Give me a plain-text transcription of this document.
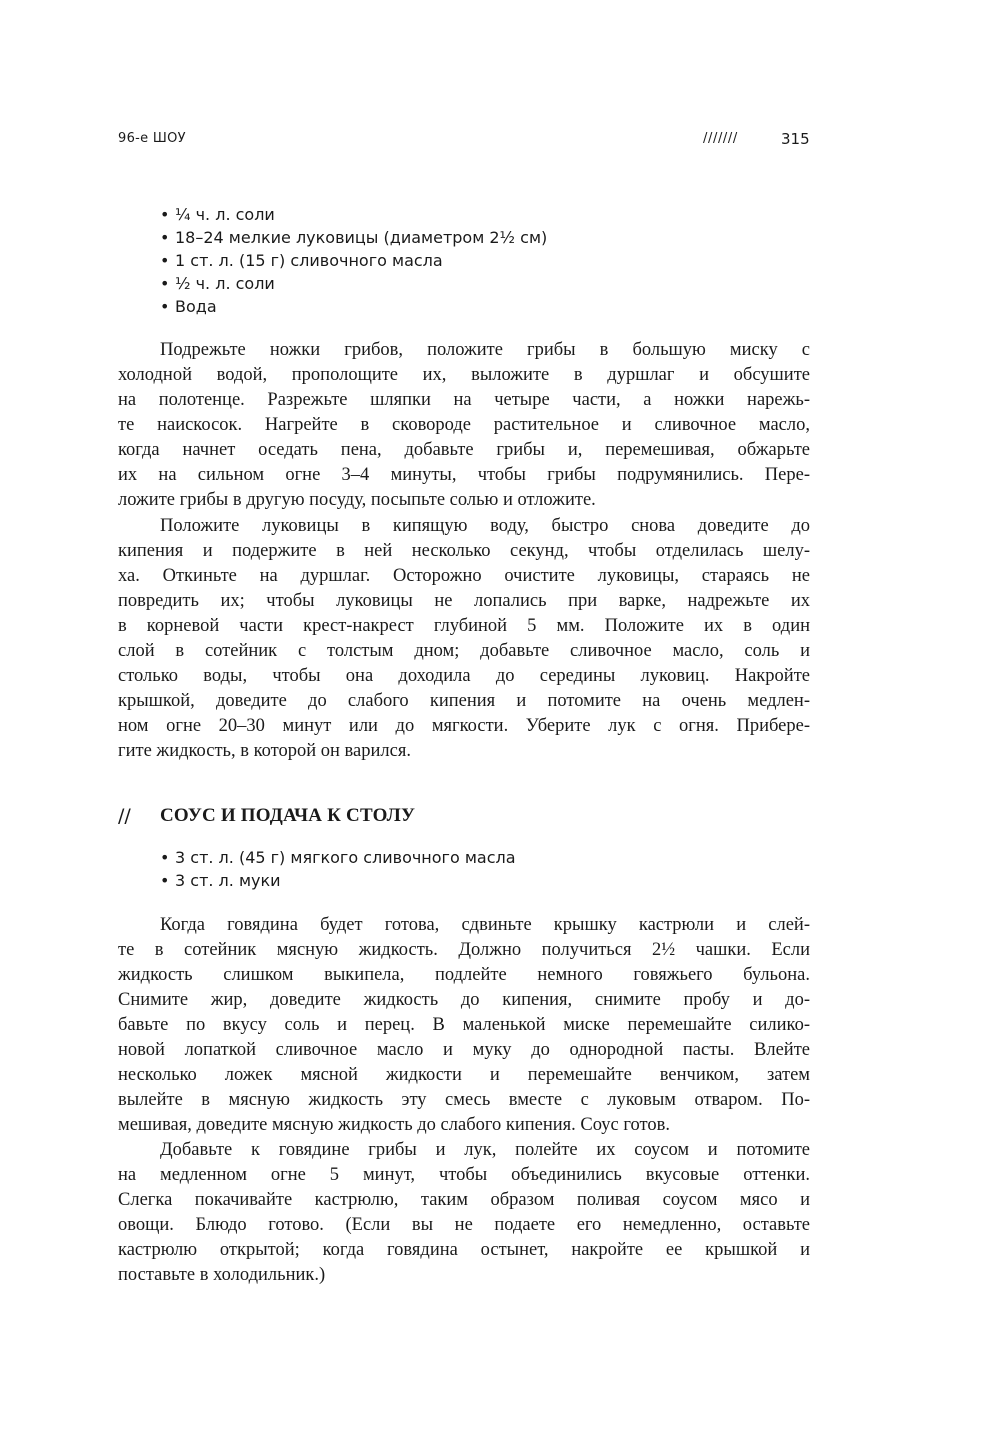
96-е ШОУ	///////	315
• ¼ ч. л. соли
• 18–24 мелкие луковицы (диаметром 2½ см)
• 1 ст. л. (15 г) сливочного масла
• ½ ч. л. соли
• Вода
Подрежьте ножки грибов, положите грибы в большую миску с
холодной водой, прополощите их, выложите в дуршлаг и обсушите
на полотенце. Разрежьте шляпки на четыре части, а ножки нарежь-
те наискосок. Нагрейте в сковороде растительное и сливочное масло,
когда начнет оседать пена, добавьте грибы и, перемешивая, обжарьте
их на сильном огне 3–4 минуты, чтобы грибы подрумянились. Пере-
ложите грибы в другую посуду, посыпьте солью и отложите.
Положите луковицы в кипящую воду, быстро снова доведите до
кипения и подержите в ней несколько секунд, чтобы отделилась шелу-
ха. Откиньте на дуршлаг. Осторожно очистите луковицы, стараясь не
повредить их; чтобы луковицы не лопались при варке, надрежьте их
в корневой части крест-накрест глубиной 5 мм. Положите их в один
слой в сотейник с толстым дном; добавьте сливочное масло, соль и
столько воды, чтобы она доходила до середины луковиц. Накройте
крышкой, доведите до слабого кипения и потомите на очень медлен-
ном огне 20–30 минут или до мягкости. Уберите лук с огня. Прибере-
гите жидкость, в которой он варился.
// СОУС И ПОДАЧА К СТОЛУ
• 3 ст. л. (45 г) мягкого сливочного масла
• 3 ст. л. муки
Когда говядина будет готова, сдвиньте крышку кастрюли и слей-
те в сотейник мясную жидкость. Должно получиться 2½ чашки. Если
жидкость слишком выкипела, подлейте немного говяжьего бульона.
Снимите жир, доведите жидкость до кипения, снимите пробу и до-
бавьте по вкусу соль и перец. В маленькой миске перемешайте силико-
новой лопаткой сливочное масло и муку до однородной пасты. Влейте
несколько ложек мясной жидкости и перемешайте венчиком, затем
вылейте в мясную жидкость эту смесь вместе с луковым отваром. По-
мешивая, доведите мясную жидкость до слабого кипения. Соус готов.
Добавьте к говядине грибы и лук, полейте их соусом и потомите
на медленном огне 5 минут, чтобы объединились вкусовые оттенки.
Слегка покачивайте кастрюлю, таким образом поливая соусом мясо и
овощи. Блюдо готово. (Если вы не подаете его немедленно, оставьте
кастрюлю открытой; когда говядина остынет, накройте ее крышкой и
поставьте в холодильник.)
